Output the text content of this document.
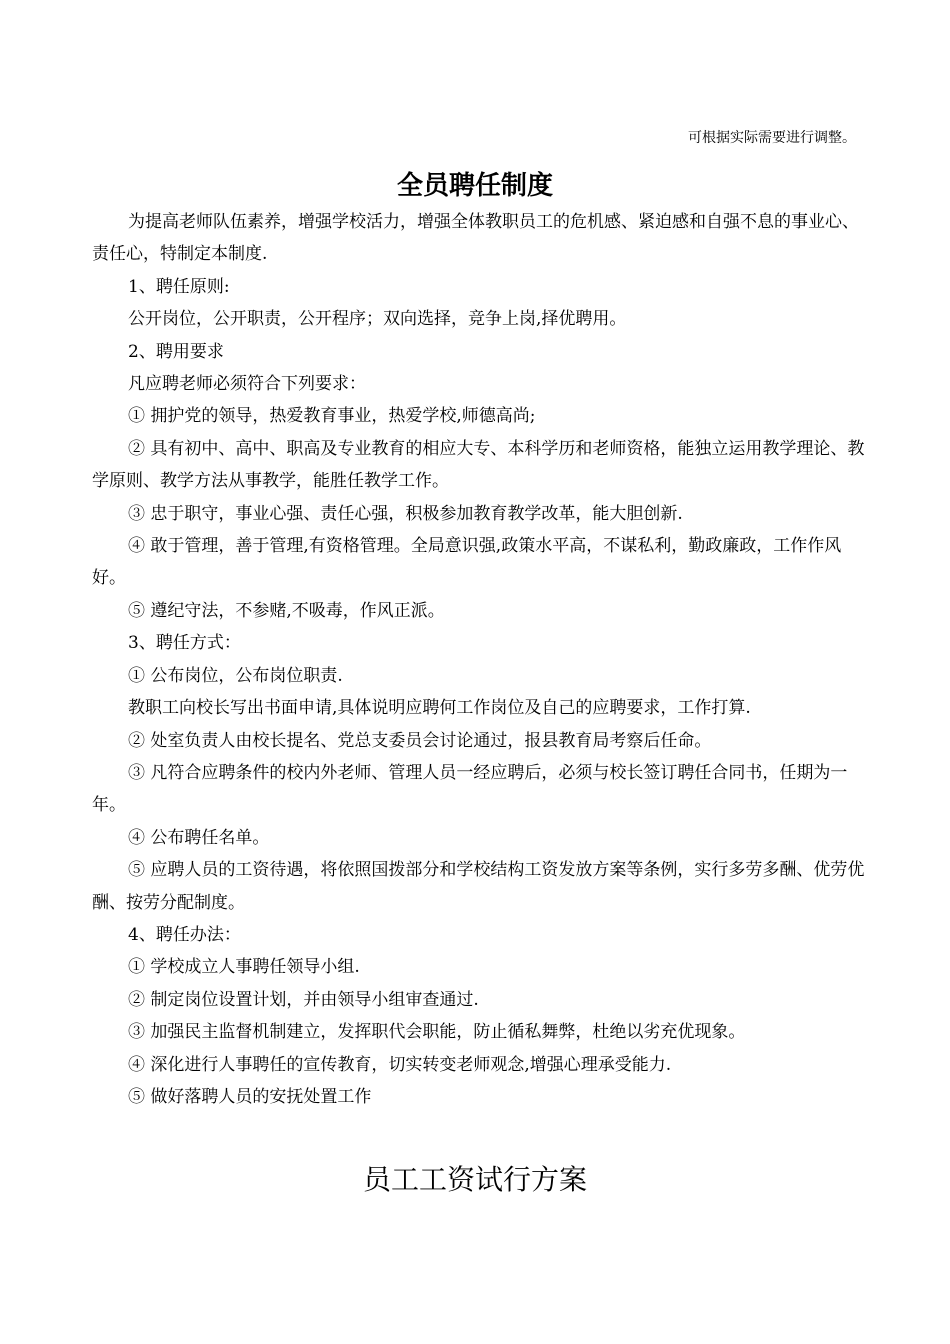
可根据实际需要进行调整。
全员聘任制度

为提高老师队伍素养，增强学校活力，增强全体教职员工的危机感、紧迫感和自强不息的事业心、责任心，特制定本制度.

1、聘任原则:

公开岗位，公开职责，公开程序；双向选择，竞争上岗,择优聘用。

2、聘用要求

凡应聘老师必须符合下列要求：

① 拥护党的领导，热爱教育事业，热爱学校,师德高尚;

② 具有初中、高中、职高及专业教育的相应大专、本科学历和老师资格，能独立运用教学理论、教学原则、教学方法从事教学，能胜任教学工作。

③ 忠于职守，事业心强、责任心强，积极参加教育教学改革，能大胆创新.

④ 敢于管理，善于管理,有资格管理。全局意识强,政策水平高，不谋私利，勤政廉政，工作作风好。

⑤ 遵纪守法，不参赌,不吸毒，作风正派。

3、聘任方式：

① 公布岗位，公布岗位职责.

教职工向校长写出书面申请,具体说明应聘何工作岗位及自己的应聘要求，工作打算.

② 处室负责人由校长提名、党总支委员会讨论通过，报县教育局考察后任命。

③ 凡符合应聘条件的校内外老师、管理人员一经应聘后，必须与校长签订聘任合同书，任期为一年。

④ 公布聘任名单。

⑤ 应聘人员的工资待遇，将依照国拨部分和学校结构工资发放方案等条例，实行多劳多酬、优劳优酬、按劳分配制度。

4、聘任办法：

① 学校成立人事聘任领导小组.

② 制定岗位设置计划，并由领导小组审查通过.

③ 加强民主监督机制建立，发挥职代会职能，防止循私舞弊，杜绝以劣充优现象。

④ 深化进行人事聘任的宣传教育，切实转变老师观念,增强心理承受能力.

⑤ 做好落聘人员的安抚处置工作

员工工资试行方案
